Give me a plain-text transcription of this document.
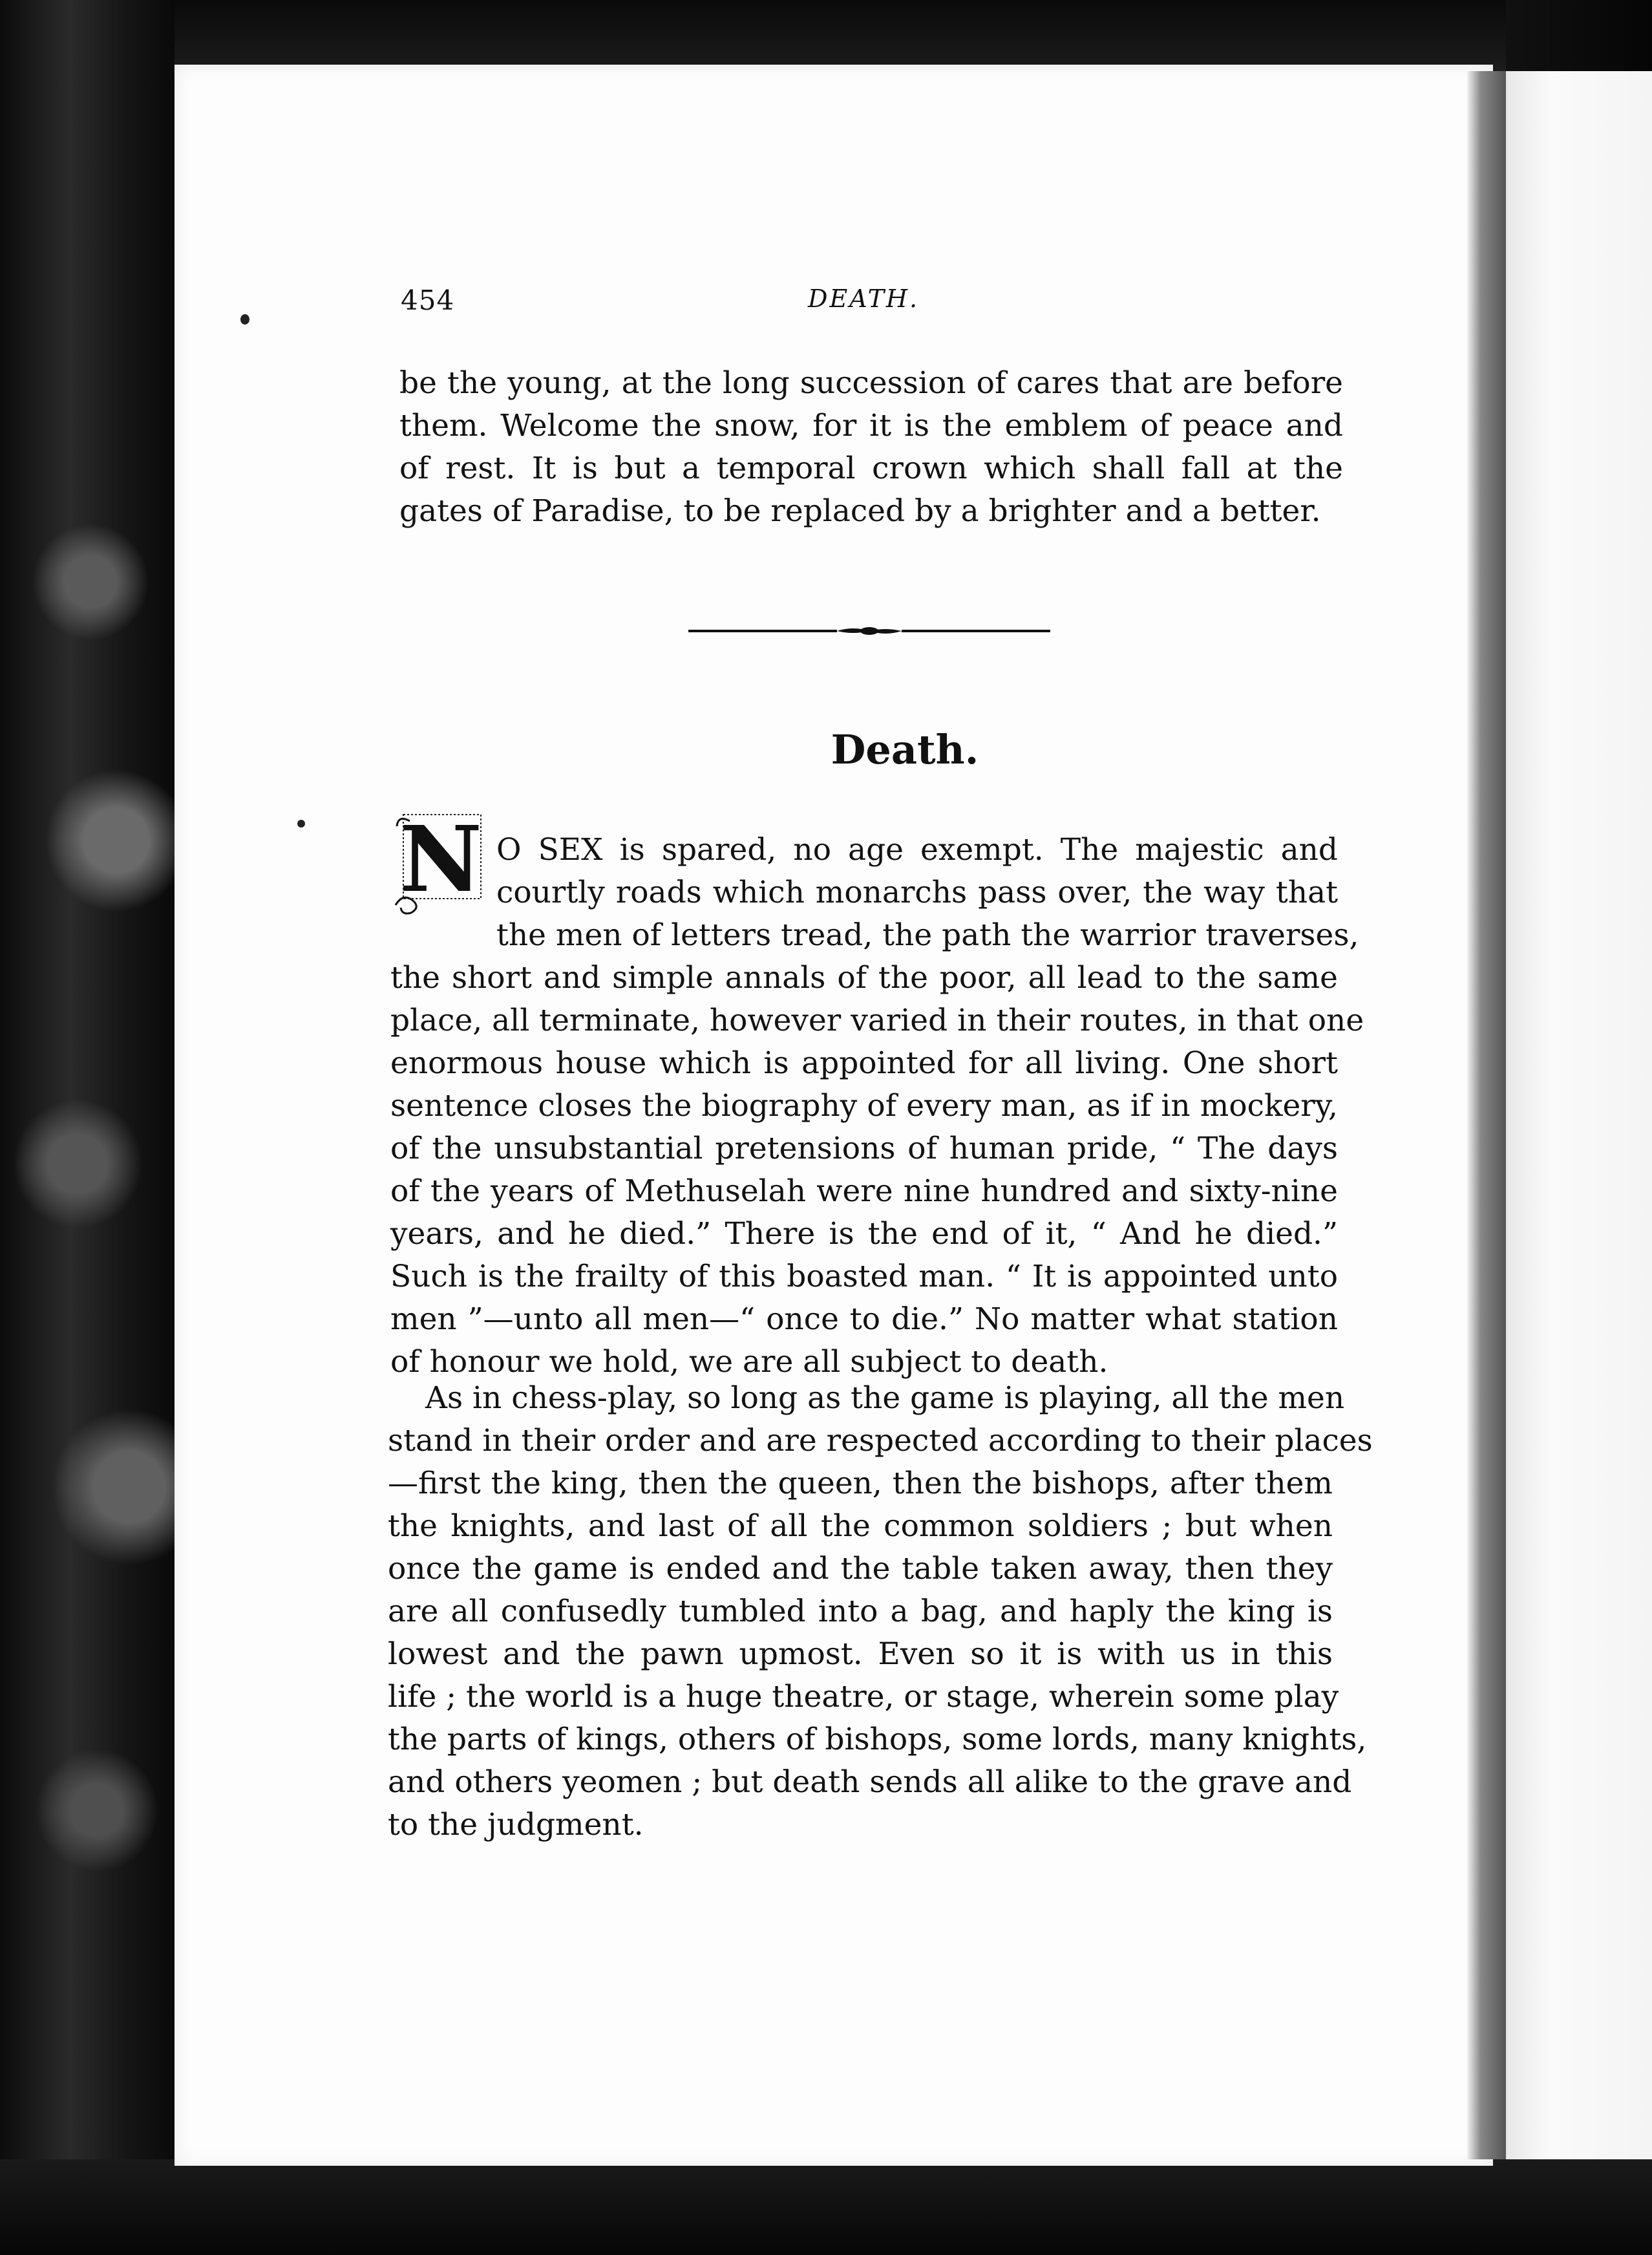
454	DEATH.
be the young, at the long succession of cares that are before
them. Welcome the snow, for it is the emblem of peace and
of rest. It is but a temporal crown which shall fall at the
gates of Paradise, to be replaced by a brighter and a better.
Death.
N O SEX is spared, no age exempt. The majestic and
courtly roads which monarchs pass over, the way that
the men of letters tread, the path the warrior traverses,
the short and simple annals of the poor, all lead to the same
place, all terminate, however varied in their routes, in that one
enormous house which is appointed for all living. One short
sentence closes the biography of every man, as if in mockery,
of the unsubstantial pretensions of human pride, “ The days
of the years of Methuselah were nine hundred and sixty-nine
years, and he died.” There is the end of it, “ And he died.”
Such is the frailty of this boasted man. “ It is appointed unto
men ”—unto all men—“ once to die.” No matter what station
of honour we hold, we are all subject to death.
As in chess-play, so long as the game is playing, all the men
stand in their order and are respected according to their places
—first the king, then the queen, then the bishops, after them
the knights, and last of all the common soldiers ; but when
once the game is ended and the table taken away, then they
are all confusedly tumbled into a bag, and haply the king is
lowest and the pawn upmost. Even so it is with us in this
life ; the world is a huge theatre, or stage, wherein some play
the parts of kings, others of bishops, some lords, many knights,
and others yeomen ; but death sends all alike to the grave and
to the judgment.
